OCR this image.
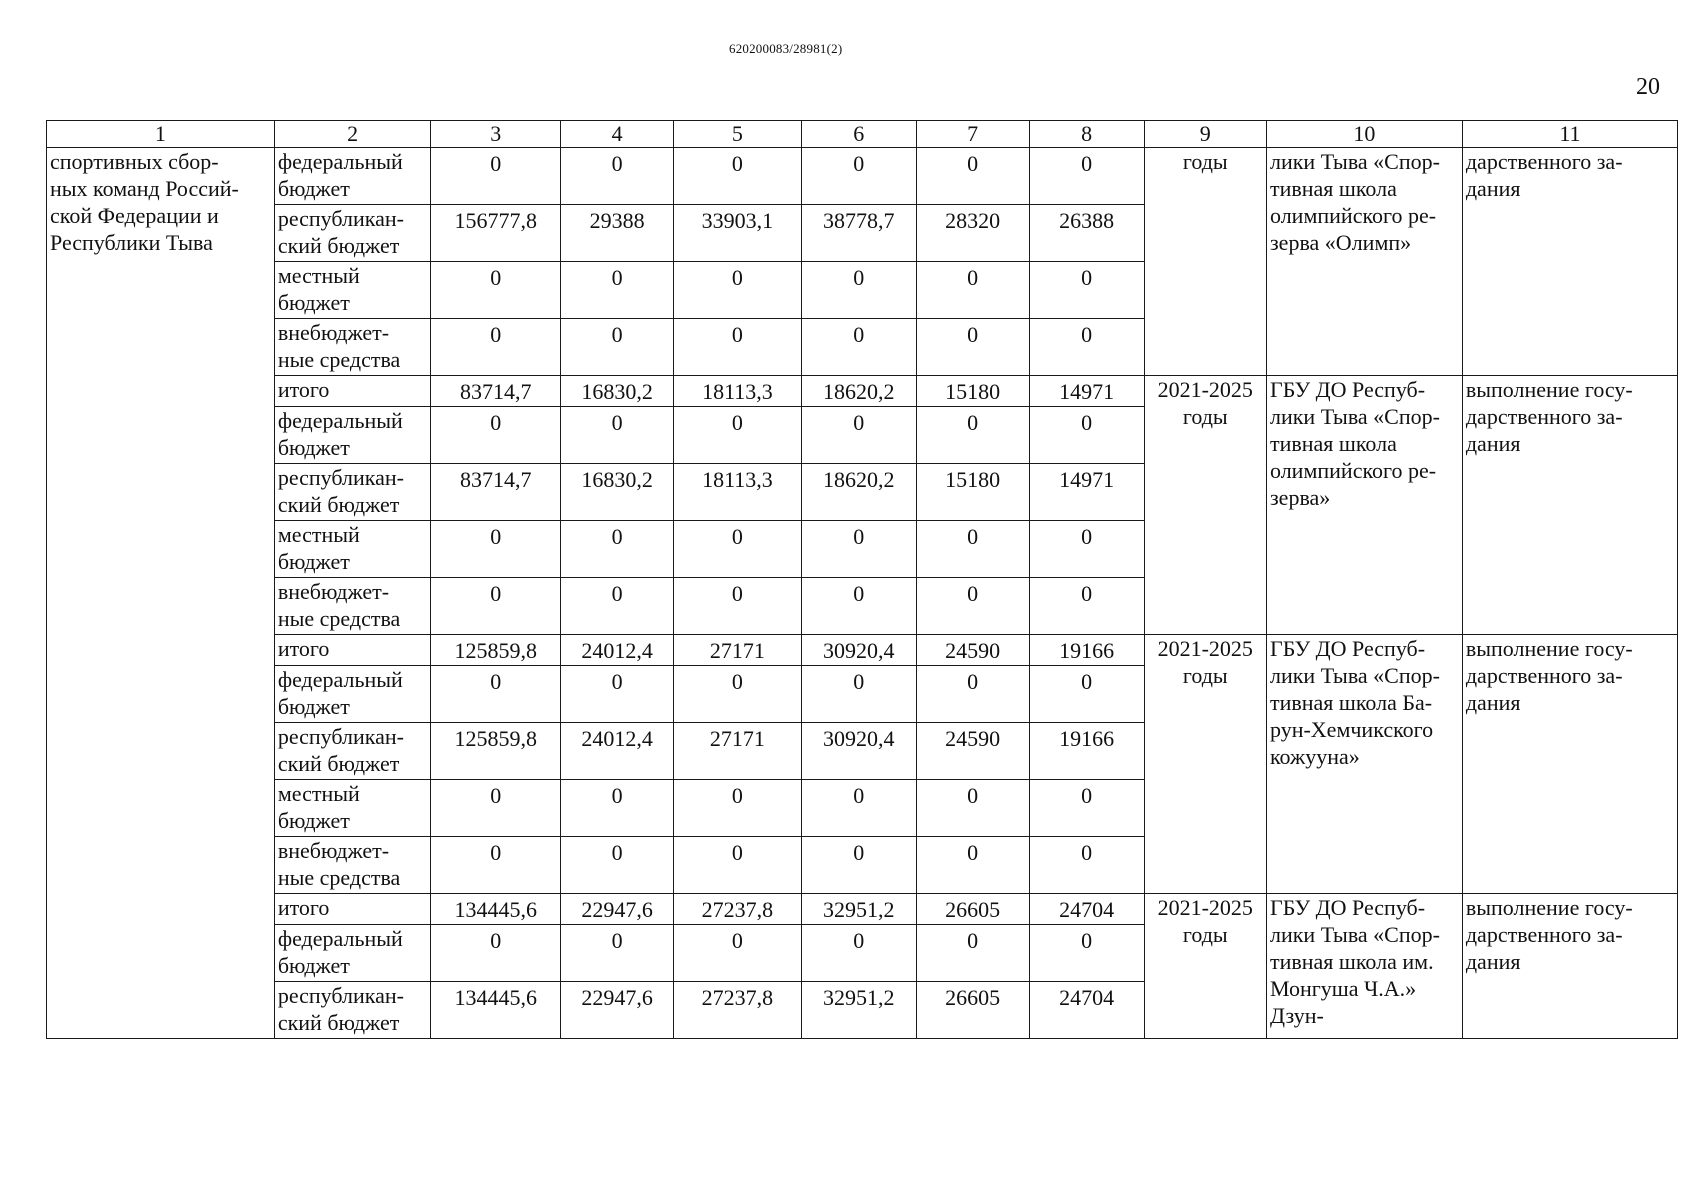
620200083/28981(2)
20
1	2	3	4	5	6	7	8	9	10	11
спортивных сбор-
ных команд Россий-
ской Федерации и
Республики Тыва	федеральный
бюджет	0	0	0	0	0	0	годы	лики Тыва «Спор-
тивная школа
олимпийского ре-
зерва «Олимп»	дарственного за-
дания
	республикан-
ский бюджет	156777,8	29388	33903,1	38778,7	28320	26388			
	местный
бюджет	0	0	0	0	0	0			
	внебюджет-
ные средства	0	0	0	0	0	0			
	итого	83714,7	16830,2	18113,3	18620,2	15180	14971	2021-2025
годы	ГБУ ДО Респуб-
лики Тыва «Спор-
тивная школа
олимпийского ре-
зерва»	выполнение госу-
дарственного за-
дания
	федеральный
бюджет	0	0	0	0	0	0			
	республикан-
ский бюджет	83714,7	16830,2	18113,3	18620,2	15180	14971			
	местный
бюджет	0	0	0	0	0	0			
	внебюджет-
ные средства	0	0	0	0	0	0			
	итого	125859,8	24012,4	27171	30920,4	24590	19166	2021-2025
годы	ГБУ ДО Респуб-
лики Тыва «Спор-
тивная школа Ба-
рун-Хемчикского
кожууна»	выполнение госу-
дарственного за-
дания
	федеральный
бюджет	0	0	0	0	0	0			
	республикан-
ский бюджет	125859,8	24012,4	27171	30920,4	24590	19166			
	местный
бюджет	0	0	0	0	0	0			
	внебюджет-
ные средства	0	0	0	0	0	0			
	итого	134445,6	22947,6	27237,8	32951,2	26605	24704	2021-2025
годы	ГБУ ДО Респуб-
лики Тыва «Спор-
тивная школа им.
Монгуша Ч.А.»
Дзун-	выполнение госу-
дарственного за-
дания
	федеральный
бюджет	0	0	0	0	0	0			
	республикан-
ский бюджет	134445,6	22947,6	27237,8	32951,2	26605	24704			
